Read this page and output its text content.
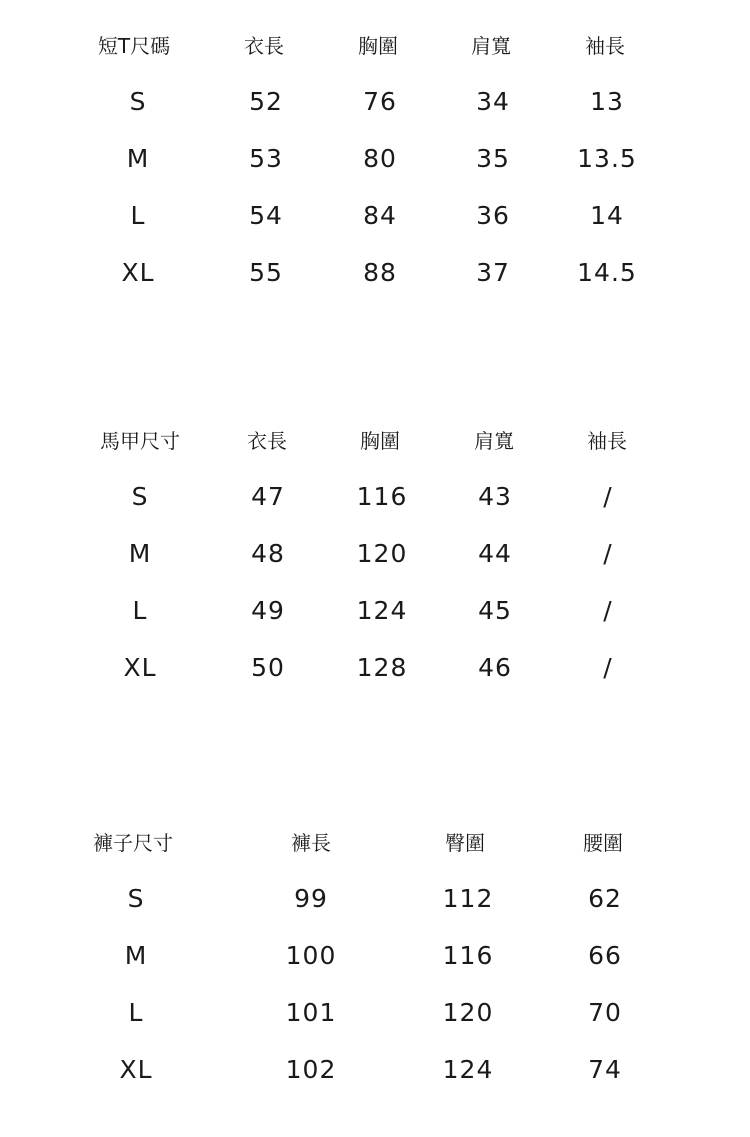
短T尺碼	衣長	胸圍	肩寬	袖長
S	52	76	34	13
M	53	80	35	13.5
L	54	84	36	14
XL	55	88	37	14.5
馬甲尺寸	衣長	胸圍	肩寬	袖長
S	47	116	43	/
M	48	120	44	/
L	49	124	45	/
XL	50	128	46	/
褲子尺寸	褲長	臀圍	腰圍
S	99	112	62
M	100	116	66
L	101	120	70
XL	102	124	74
